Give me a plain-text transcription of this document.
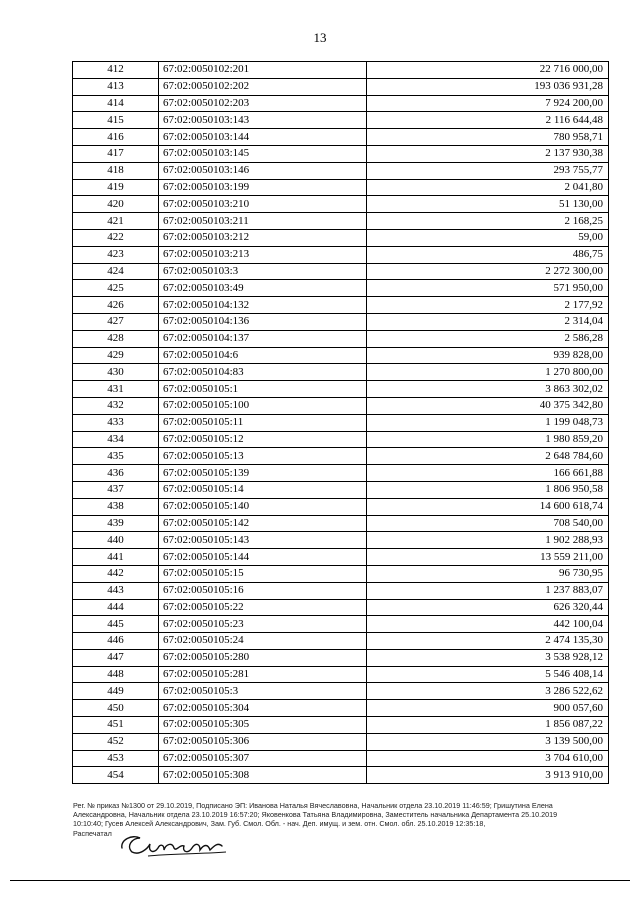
13
412	67:02:0050102:201	22 716 000,00
413	67:02:0050102:202	193 036 931,28
414	67:02:0050102:203	7 924 200,00
415	67:02:0050103:143	2 116 644,48
416	67:02:0050103:144	780 958,71
417	67:02:0050103:145	2 137 930,38
418	67:02:0050103:146	293 755,77
419	67:02:0050103:199	2 041,80
420	67:02:0050103:210	51 130,00
421	67:02:0050103:211	2 168,25
422	67:02:0050103:212	59,00
423	67:02:0050103:213	486,75
424	67:02:0050103:3	2 272 300,00
425	67:02:0050103:49	571 950,00
426	67:02:0050104:132	2 177,92
427	67:02:0050104:136	2 314,04
428	67:02:0050104:137	2 586,28
429	67:02:0050104:6	939 828,00
430	67:02:0050104:83	1 270 800,00
431	67:02:0050105:1	3 863 302,02
432	67:02:0050105:100	40 375 342,80
433	67:02:0050105:11	1 199 048,73
434	67:02:0050105:12	1 980 859,20
435	67:02:0050105:13	2 648 784,60
436	67:02:0050105:139	166 661,88
437	67:02:0050105:14	1 806 950,58
438	67:02:0050105:140	14 600 618,74
439	67:02:0050105:142	708 540,00
440	67:02:0050105:143	1 902 288,93
441	67:02:0050105:144	13 559 211,00
442	67:02:0050105:15	96 730,95
443	67:02:0050105:16	1 237 883,07
444	67:02:0050105:22	626 320,44
445	67:02:0050105:23	442 100,04
446	67:02:0050105:24	2 474 135,30
447	67:02:0050105:280	3 538 928,12
448	67:02:0050105:281	5 546 408,14
449	67:02:0050105:3	3 286 522,62
450	67:02:0050105:304	900 057,60
451	67:02:0050105:305	1 856 087,22
452	67:02:0050105:306	3 139 500,00
453	67:02:0050105:307	3 704 610,00
454	67:02:0050105:308	3 913 910,00

Рег. № приказ №1300 от 29.10.2019, Подписано ЭП: Иванова Наталья Вячеславовна, Начальник отдела 23.10.2019 11:46:59; Гришутина Елена

Александровна, Начальник отдела 23.10.2019 16:57:20; Яковенкова Татьяна Владимировна, Заместитель начальника Департамента 25.10.2019

10:10:40; Гусев Алексей Александрович, Зам. Губ. Смол. Обл. - нач. Деп. имущ. и зем. отн. Смол. обл. 25.10.2019 12:35:18,

Распечатал
